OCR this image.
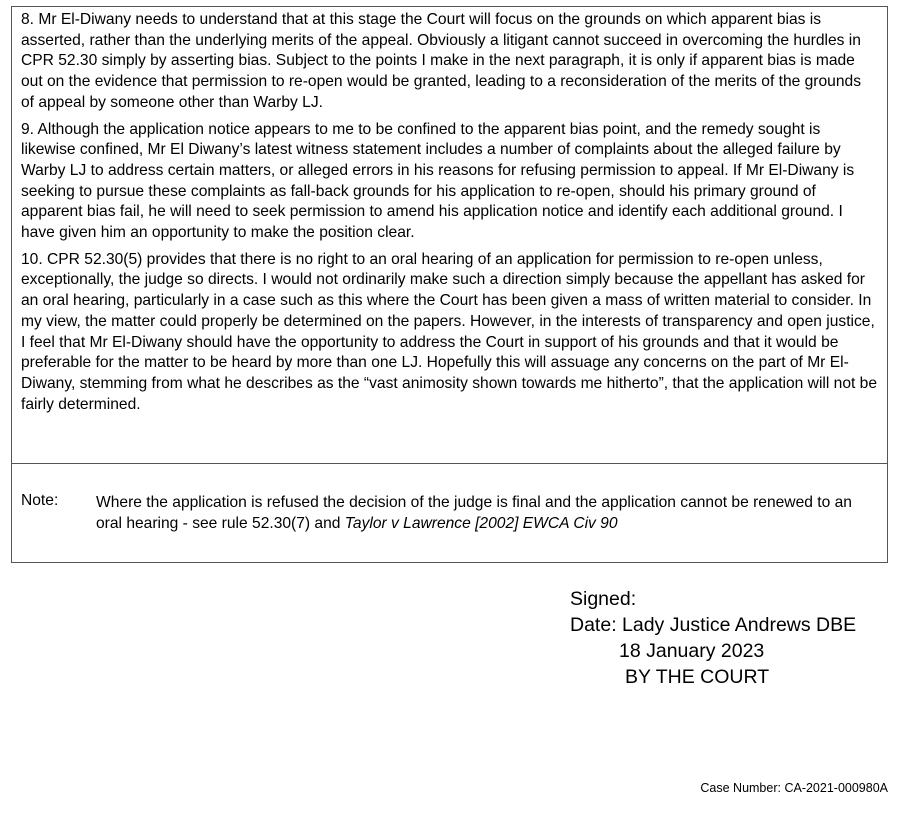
8. Mr El-Diwany needs to understand that at this stage the Court will focus on the grounds on which apparent bias is asserted, rather than the underlying merits of the appeal. Obviously a litigant cannot succeed in overcoming the hurdles in CPR 52.30 simply by asserting bias. Subject to the points I make in the next paragraph, it is only if apparent bias is made out on the evidence that permission to re-open would be granted, leading to a reconsideration of the merits of the grounds of appeal by someone other than Warby LJ.

9. Although the application notice appears to me to be confined to the apparent bias point, and the remedy sought is likewise confined, Mr El Diwany’s latest witness statement includes a number of complaints about the alleged failure by Warby LJ to address certain matters, or alleged errors in his reasons for refusing permission to appeal. If Mr El-Diwany is seeking to pursue these complaints as fall-back grounds for his application to re-open, should his primary ground of apparent bias fail, he will need to seek permission to amend his application notice and identify each additional ground. I have given him an opportunity to make the position clear.

10. CPR 52.30(5) provides that there is no right to an oral hearing of an application for permission to re-open unless, exceptionally, the judge so directs. I would not ordinarily make such a direction simply because the appellant has asked for an oral hearing, particularly in a case such as this where the Court has been given a mass of written material to consider. In my view, the matter could properly be determined on the papers. However, in the interests of transparency and open justice, I feel that Mr El-Diwany should have the opportunity to address the Court in support of his grounds and that it would be preferable for the matter to be heard by more than one LJ. Hopefully this will assuage any concerns on the part of Mr El-Diwany, stemming from what he describes as the “vast animosity shown towards me hitherto”, that the application will not be fairly determined.

Note: Where the application is refused the decision of the judge is final and the application cannot be renewed to an oral hearing - see rule 52.30(7) and Taylor v Lawrence [2002] EWCA Civ 90
Signed:
Date: Lady Justice Andrews DBE
18 January 2023
BY THE COURT
Case Number: CA-2021-000980A
